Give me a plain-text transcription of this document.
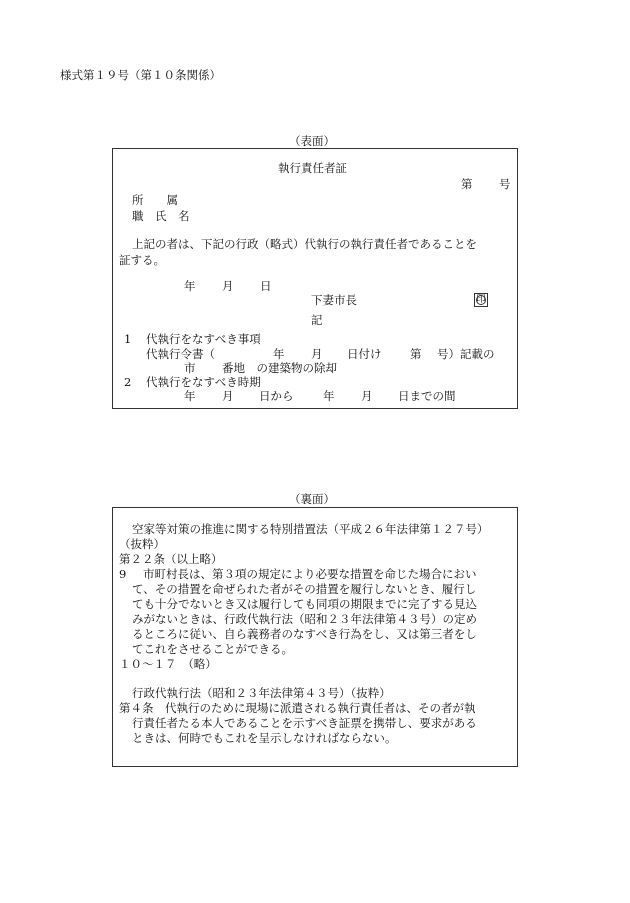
様式第１９号（第１０条関係）
（表面）
執行責任者証
第 号
所　　属
職　氏　名
上記の者は、下記の行政（略式）代執行の執行責任者であることを
証する。
年 月 日
下妻市長	印
記
1 代執行をなすべき事項
代執行令書（	年 月 日付け 第 号）記載の
市 番地　の建築物の除却
2 代執行をなすべき時期
年 月 日から	年 月 日までの間
（裏面）
空家等対策の推進に関する特別措置法（平成２６年法律第１２７号）
（抜粋）
第２２条（以上略）
9 市町村長は、第３項の規定により必要な措置を命じた場合におい
て、その措置を命ぜられた者がその措置を履行しないとき、履行し
ても十分でないとき又は履行しても同項の期限までに完了する見込
みがないときは、行政代執行法（昭和２３年法律第４３号）の定め
るところに従い、自ら義務者のなすべき行為をし、又は第三者をし
てこれをさせることができる。
１０～１７　（略）
行政代執行法（昭和２３年法律第４３号）（抜粋）
第４条　代執行のために現場に派遣される執行責任者は、その者が執
行責任者たる本人であることを示すべき証票を携帯し、要求がある
ときは、何時でもこれを呈示しなければならない。
